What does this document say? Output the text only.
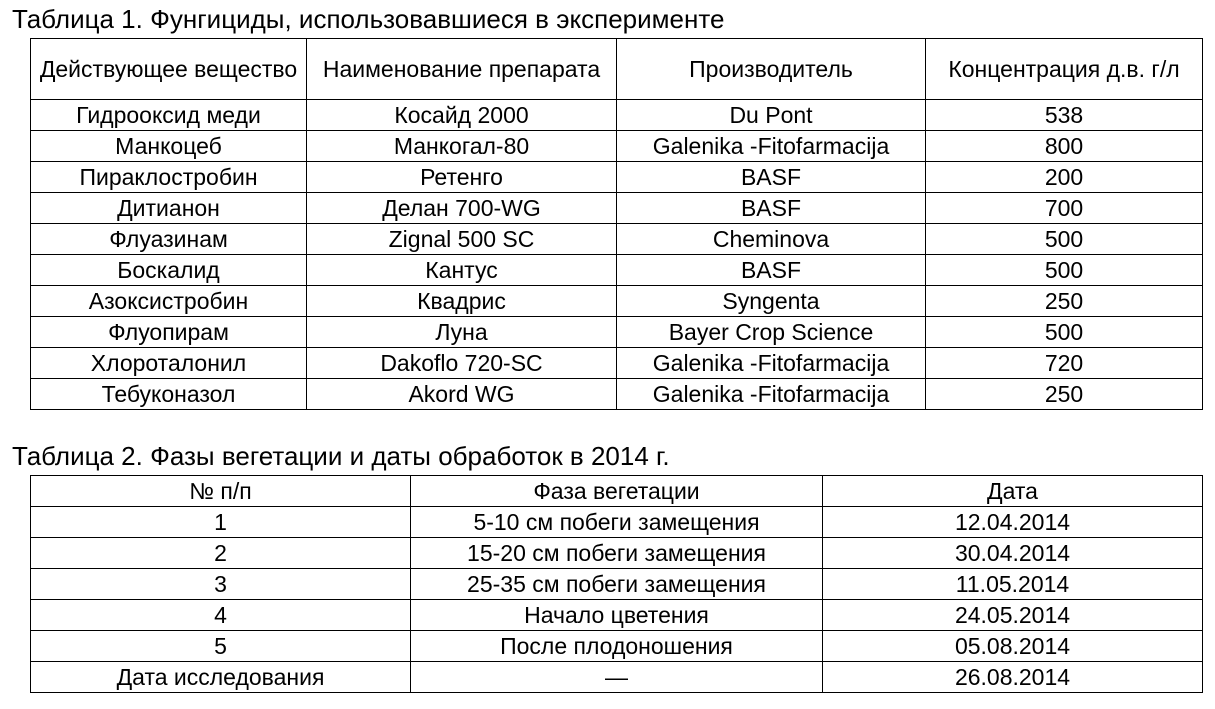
Таблица 1. Фунгициды, использовавшиеся в эксперименте
Действующее вещество	Наименование препарата	Производитель	Концентрация д.в. г/л
Гидрооксид меди	Косайд 2000	Du Pont	538
Манкоцеб	Манкогал-80	Galenika -Fitofarmacija	800
Пираклостробин	Ретенго	BASF	200
Дитианон	Делан 700-WG	BASF	700
Флуазинам	Zignal 500 SC	Cheminova	500
Боскалид	Кантус	BASF	500
Азоксистробин	Квадрис	Syngenta	250
Флуопирам	Луна	Bayer Crop Science	500
Хлороталонил	Dakoflo 720-SC	Galenika -Fitofarmacija	720
Тебуконазол	Akord WG	Galenika -Fitofarmacija	250
Таблица 2. Фазы вегетации и даты обработок в 2014 г.
№ п/п	Фаза вегетации	Дата
1	5-10 см побеги замещения	12.04.2014
2	15-20 см побеги замещения	30.04.2014
3	25-35 см побеги замещения	11.05.2014
4	Начало цветения	24.05.2014
5	После плодоношения	05.08.2014
Дата исследования	—	26.08.2014
